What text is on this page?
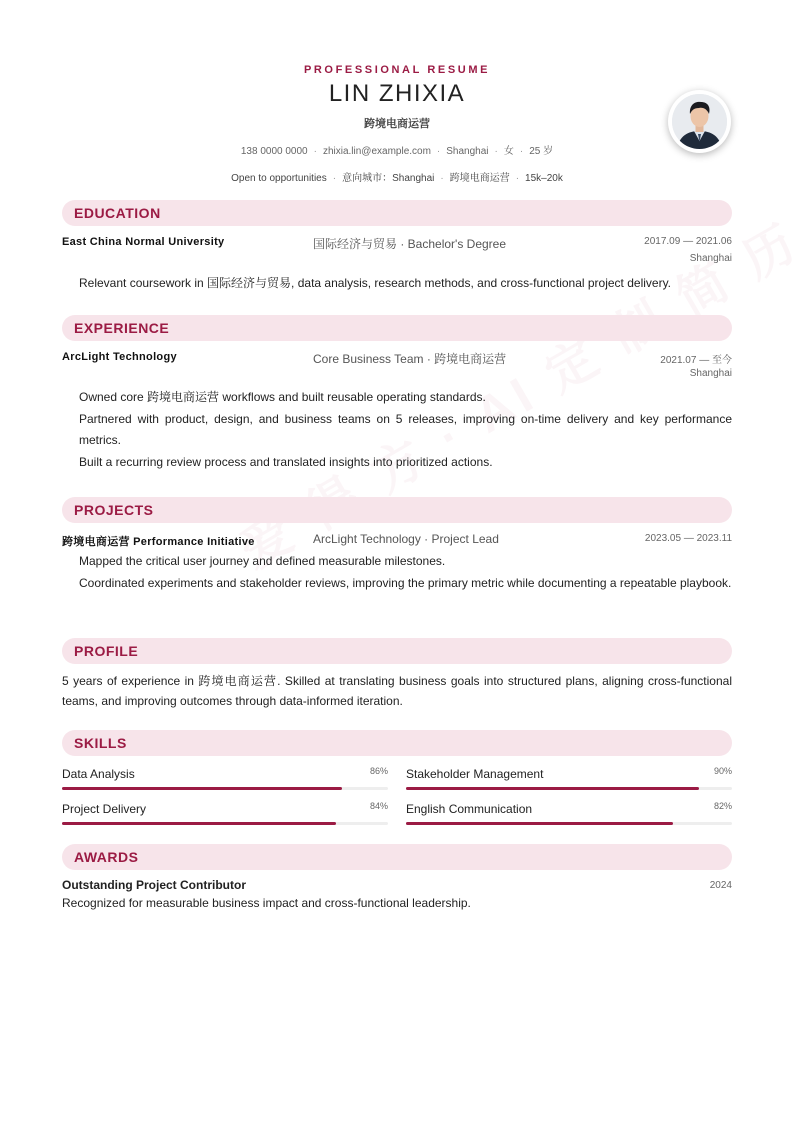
PROFESSIONAL RESUME
LIN ZHIXIA
跨境电商运营
138 0000 0000 · zhixia.lin@example.com · Shanghai · 女 · 25 岁
Open to opportunities · 意向城市：Shanghai · 跨境电商运营 · 15k–20k
EDUCATION
East China Normal University	国际经济与贸易 · Bachelor's Degree	2017.09 — 2021.06
Shanghai
Relevant coursework in 国际经济与贸易, data analysis, research methods, and cross-functional project delivery.
EXPERIENCE
ArcLight Technology	Core Business Team · 跨境电商运营	2021.07 — 至今
Shanghai
Owned core 跨境电商运营 workflows and built reusable operating standards.
Partnered with product, design, and business teams on 5 releases, improving on-time delivery and key performance metrics.
Built a recurring review process and translated insights into prioritized actions.
PROJECTS
跨境电商运营 Performance Initiative	ArcLight Technology · Project Lead	2023.05 — 2023.11
Mapped the critical user journey and defined measurable milestones.
Coordinated experiments and stakeholder reviews, improving the primary metric while documenting a repeatable playbook.
PROFILE
5 years of experience in 跨境电商运营. Skilled at translating business goals into structured plans, aligning cross-functional teams, and improving outcomes through data-informed iteration.
SKILLS
Data Analysis	86% Stakeholder Management	90%
Project Delivery	84% English Communication	82%
AWARDS
Outstanding Project Contributor	2024
Recognized for measurable business impact and cross-functional leadership.
